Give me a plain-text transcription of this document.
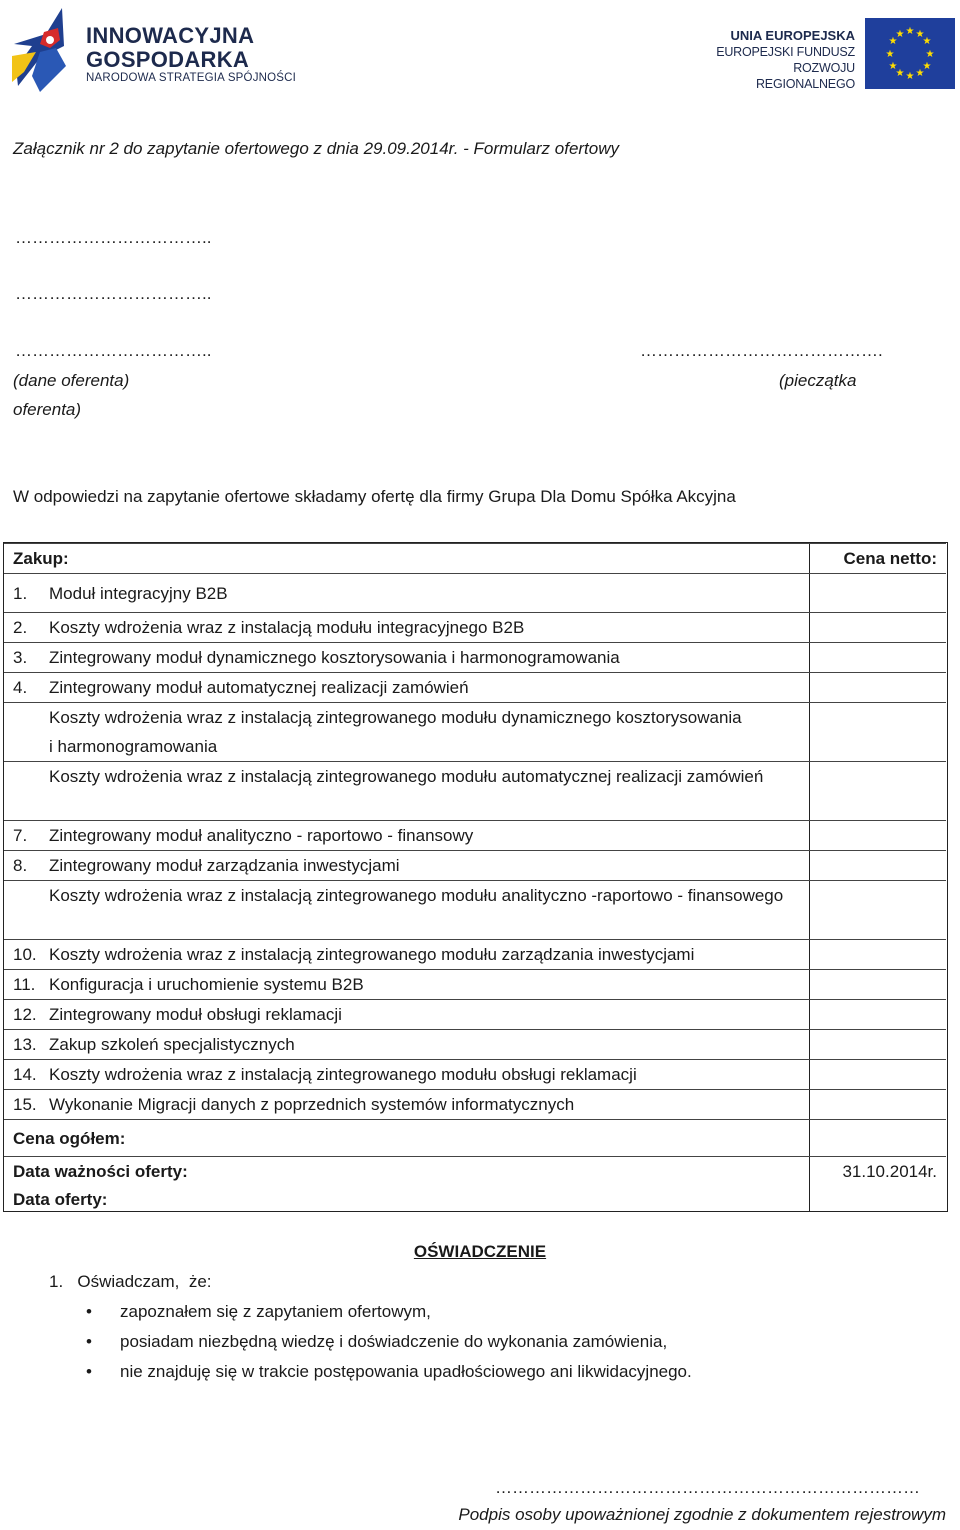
INNOWACYJNA
GOSPODARKA
NARODOWA STRATEGIA SPÓJNOŚCI
UNIA EUROPEJSKA
EUROPEJSKI FUNDUSZ
ROZWOJU REGIONALNEGO
★ ★
★
★
★
★
★
★
★
★
★
★
Załącznik nr 2 do zapytanie ofertowego z dnia 29.09.2014r. - Formularz ofertowy
……………………………..
……………………………..
……………………………..	…………………………………….
(dane oferenta)	(pieczątka
oferenta)
W odpowiedzi na zapytanie ofertowe składamy ofertę dla firmy Grupa Dla Domu Spółka Akcyjna
Zakup:	Cena netto:
1. Moduł integracyjny B2B
2. Koszty wdrożenia wraz z instalacją modułu integracyjnego B2B
3. Zintegrowany moduł dynamicznego kosztorysowania i harmonogramowania
4. Zintegrowany moduł automatycznej realizacji zamówień
Koszty wdrożenia wraz z instalacją zintegrowanego modułu dynamicznego kosztorysowania i harmonogramowania
Koszty wdrożenia wraz z instalacją zintegrowanego modułu automatycznej realizacji zamówień
7. Zintegrowany moduł analityczno - raportowo - finansowy
8. Zintegrowany moduł zarządzania inwestycjami
Koszty wdrożenia wraz z instalacją zintegrowanego modułu analityczno -raportowo - finansowego
10. Koszty wdrożenia wraz z instalacją zintegrowanego modułu zarządzania inwestycjami
11. Konfiguracja i uruchomienie systemu B2B
12. Zintegrowany moduł obsługi reklamacji
13. Zakup szkoleń specjalistycznych
14. Koszty wdrożenia wraz z instalacją zintegrowanego modułu obsługi reklamacji
15. Wykonanie Migracji danych z poprzednich systemów informatycznych
Cena ogółem:
Data ważności oferty:	31.10.2014r.
Data oferty:
OŚWIADCZENIE
1.   Oświadczam,  że:
• zapoznałem się z zapytaniem ofertowym,
• posiadam niezbędną wiedzę i doświadczenie do wykonania zamówienia,
• nie znajduję się w trakcie postępowania upadłościowego ani likwidacyjnego.
…………………………………………………………………
Podpis osoby upoważnionej zgodnie z dokumentem rejestrowym
